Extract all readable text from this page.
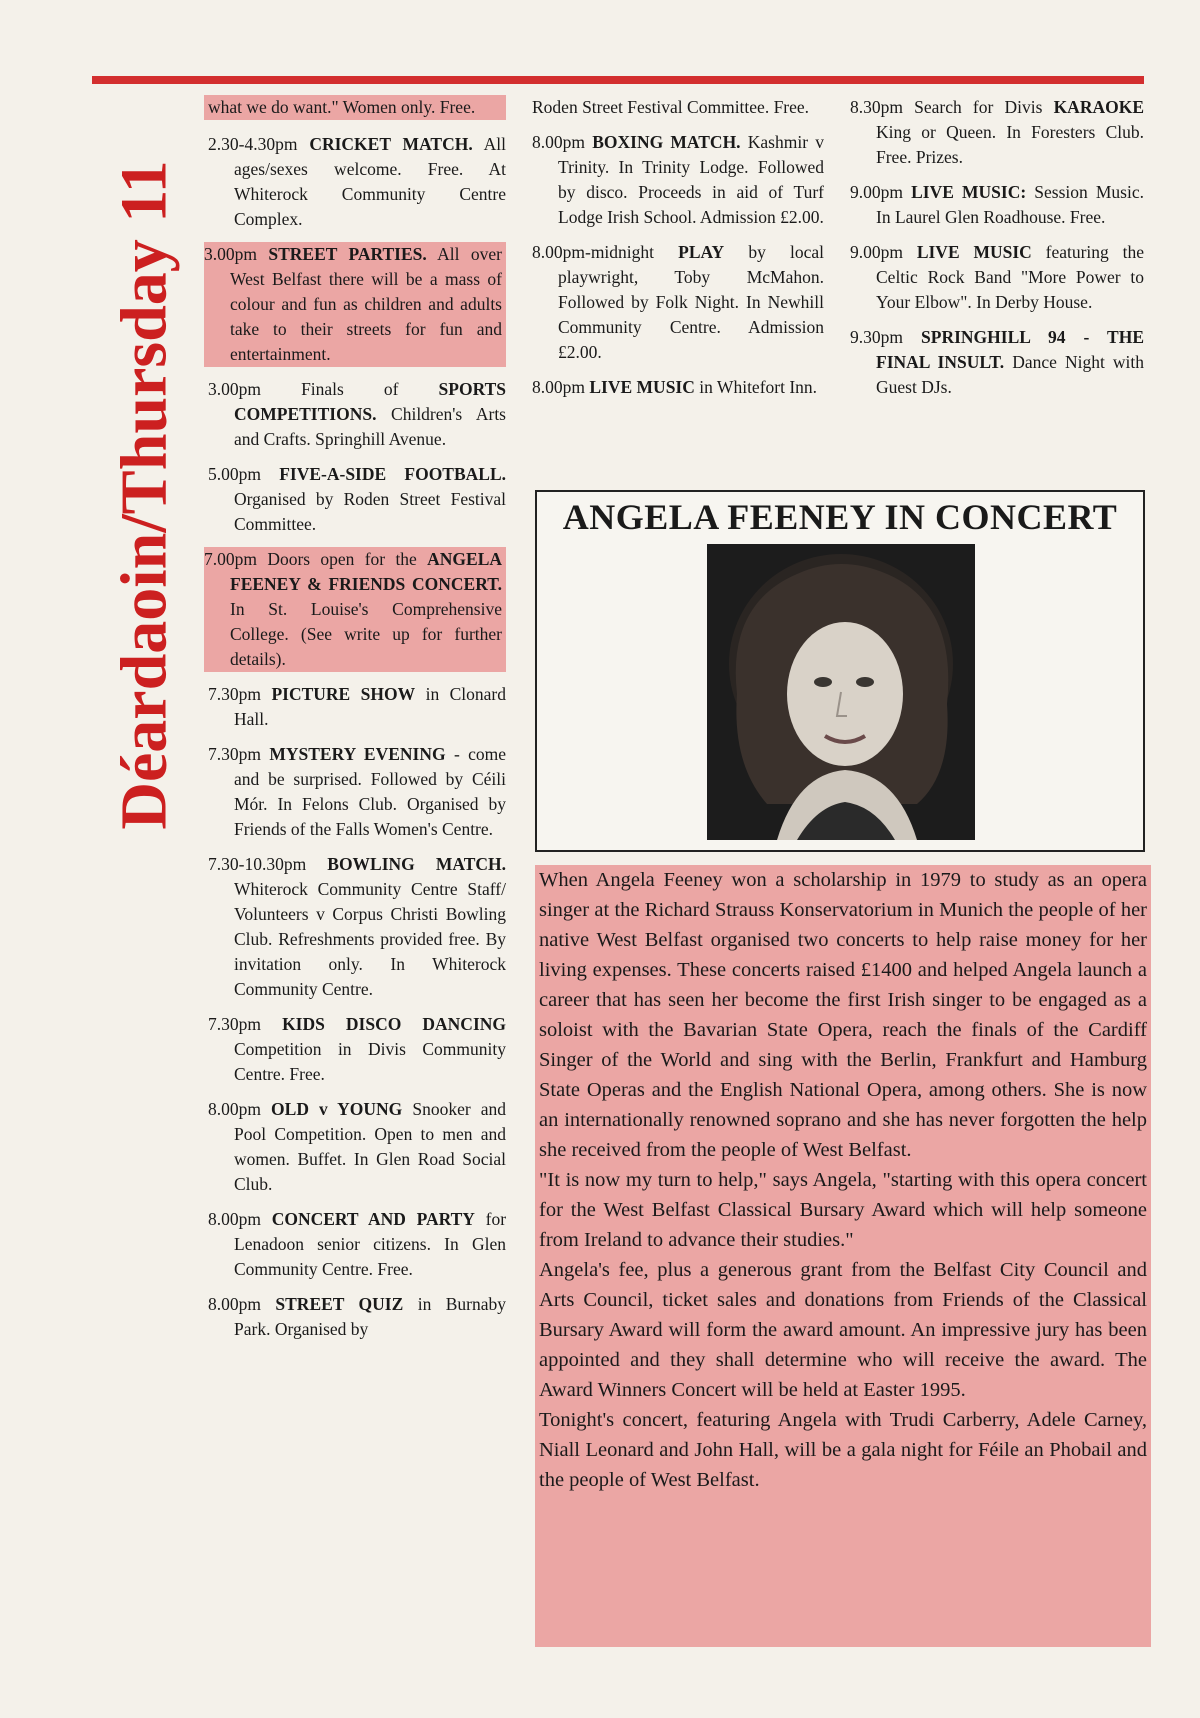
Déardaoin/Thursday 11

what we do want." Women only. Free.

2.30-4.30pm CRICKET MATCH. All ages/sexes welcome. Free. At Whiterock Community Centre Complex.

3.00pm STREET PARTIES. All over West Belfast there will be a mass of colour and fun as children and adults take to their streets for fun and entertainment.

3.00pm Finals of SPORTS COMPETITIONS. Children's Arts and Crafts. Springhill Avenue.

5.00pm FIVE-A-SIDE FOOTBALL. Organised by Roden Street Festival Committee.

7.00pm Doors open for the ANGELA FEENEY & FRIENDS CONCERT. In St. Louise's Comprehensive College. (See write up for further details).

7.30pm PICTURE SHOW in Clonard Hall.

7.30pm MYSTERY EVENING - come and be surprised. Followed by Céili Mór. In Felons Club. Organised by Friends of the Falls Women's Centre.

7.30-10.30pm BOWLING MATCH. Whiterock Community Centre Staff/ Volunteers v Corpus Christi Bowling Club. Refreshments provided free. By invitation only. In Whiterock Community Centre.

7.30pm KIDS DISCO DANCING Competition in Divis Community Centre. Free.

8.00pm OLD v YOUNG Snooker and Pool Competition. Open to men and women. Buffet. In Glen Road Social Club.

8.00pm CONCERT AND PARTY for Lenadoon senior citizens. In Glen Community Centre. Free.

8.00pm STREET QUIZ in Burnaby Park. Organised by

Roden Street Festival Committee. Free.

8.00pm BOXING MATCH. Kashmir v Trinity. In Trinity Lodge. Followed by disco. Proceeds in aid of Turf Lodge Irish School. Admission £2.00.

8.00pm-midnight PLAY by local playwright, Toby McMahon. Followed by Folk Night. In Newhill Community Centre. Admission £2.00.

8.00pm LIVE MUSIC in Whitefort Inn.

8.30pm Search for Divis KARAOKE King or Queen. In Foresters Club. Free. Prizes.

9.00pm LIVE MUSIC: Session Music. In Laurel Glen Roadhouse. Free.

9.00pm LIVE MUSIC featuring the Celtic Rock Band "More Power to Your Elbow". In Derby House.

9.30pm SPRINGHILL 94 - THE FINAL INSULT. Dance Night with Guest DJs.

ANGELA FEENEY IN CONCERT

When Angela Feeney won a scholarship in 1979 to study as an opera singer at the Richard Strauss Konservatorium in Munich the people of her native West Belfast organised two concerts to help raise money for her living expenses. These concerts raised £1400 and helped Angela launch a career that has seen her become the first Irish singer to be engaged as a soloist with the Bavarian State Opera, reach the finals of the Cardiff Singer of the World and sing with the Berlin, Frankfurt and Hamburg State Operas and the English National Opera, among others. She is now an internationally renowned soprano and she has never forgotten the help she received from the people of West Belfast.

"It is now my turn to help," says Angela, "starting with this opera concert for the West Belfast Classical Bursary Award which will help someone from Ireland to advance their studies."

Angela's fee, plus a generous grant from the Belfast City Council and Arts Council, ticket sales and donations from Friends of the Classical Bursary Award will form the award amount. An impressive jury has been appointed and they shall determine who will receive the award. The Award Winners Concert will be held at Easter 1995.

Tonight's concert, featuring Angela with Trudi Carberry, Adele Carney, Niall Leonard and John Hall, will be a gala night for Féile an Phobail and the people of West Belfast.
